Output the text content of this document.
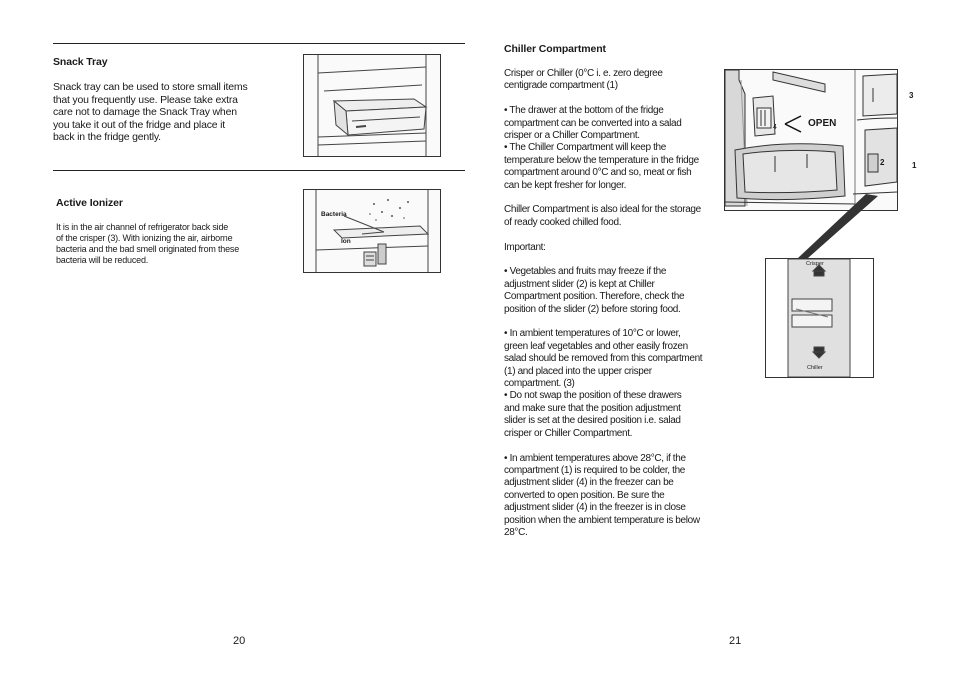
Snack Tray
Snack tray can be used to store small items
that you frequently use. Please take extra
care not to damage the Snack Tray when
you take it out of the fridge and place it
back in the fridge gently.
Active Ionizer
It is in the air channel of refrigerator back side
of the crisper (3). With ionizing the air, airborne
bacteria and the bad smell originated from these
bacteria will be reduced.
Bacteria
Ion
20
Chiller Compartment
Crisper or Chiller (0°C i. e. zero degree
centigrade compartment (1)
• The drawer at the bottom of the fridge
compartment can be converted into a salad
crisper or a Chiller Compartment.
• The Chiller Compartment will keep the
temperature below the temperature in the fridge
compartment around 0°C and so, meat or fish
can be kept fresher for longer.
Chiller Compartment is also ideal for the storage
of ready cooked chilled food.
Important:
• Vegetables and fruits may freeze if the
adjustment slider (2) is kept at Chiller
Compartment position. Therefore, check the
position of the slider (2) before storing food.
• In ambient temperatures of 10°C or lower,
green leaf vegetables and other easily frozen
salad should be removed from this compartment
(1) and placed into the upper crisper
compartment. (3)
• Do not swap the position of these drawers
and make sure that the position adjustment
slider is set at the desired position i.e. salad
crisper or Chiller Compartment.
• In ambient temperatures above 28°C, if the
compartment (1) is required to be colder, the
adjustment slider (4) in the freezer can be
converted to open position. Be sure the
adjustment slider (4) in the freezer is in close
position when the ambient temperature is below
28°C.
OPEN
3
2	1
4
Crisper
Chiller
21
